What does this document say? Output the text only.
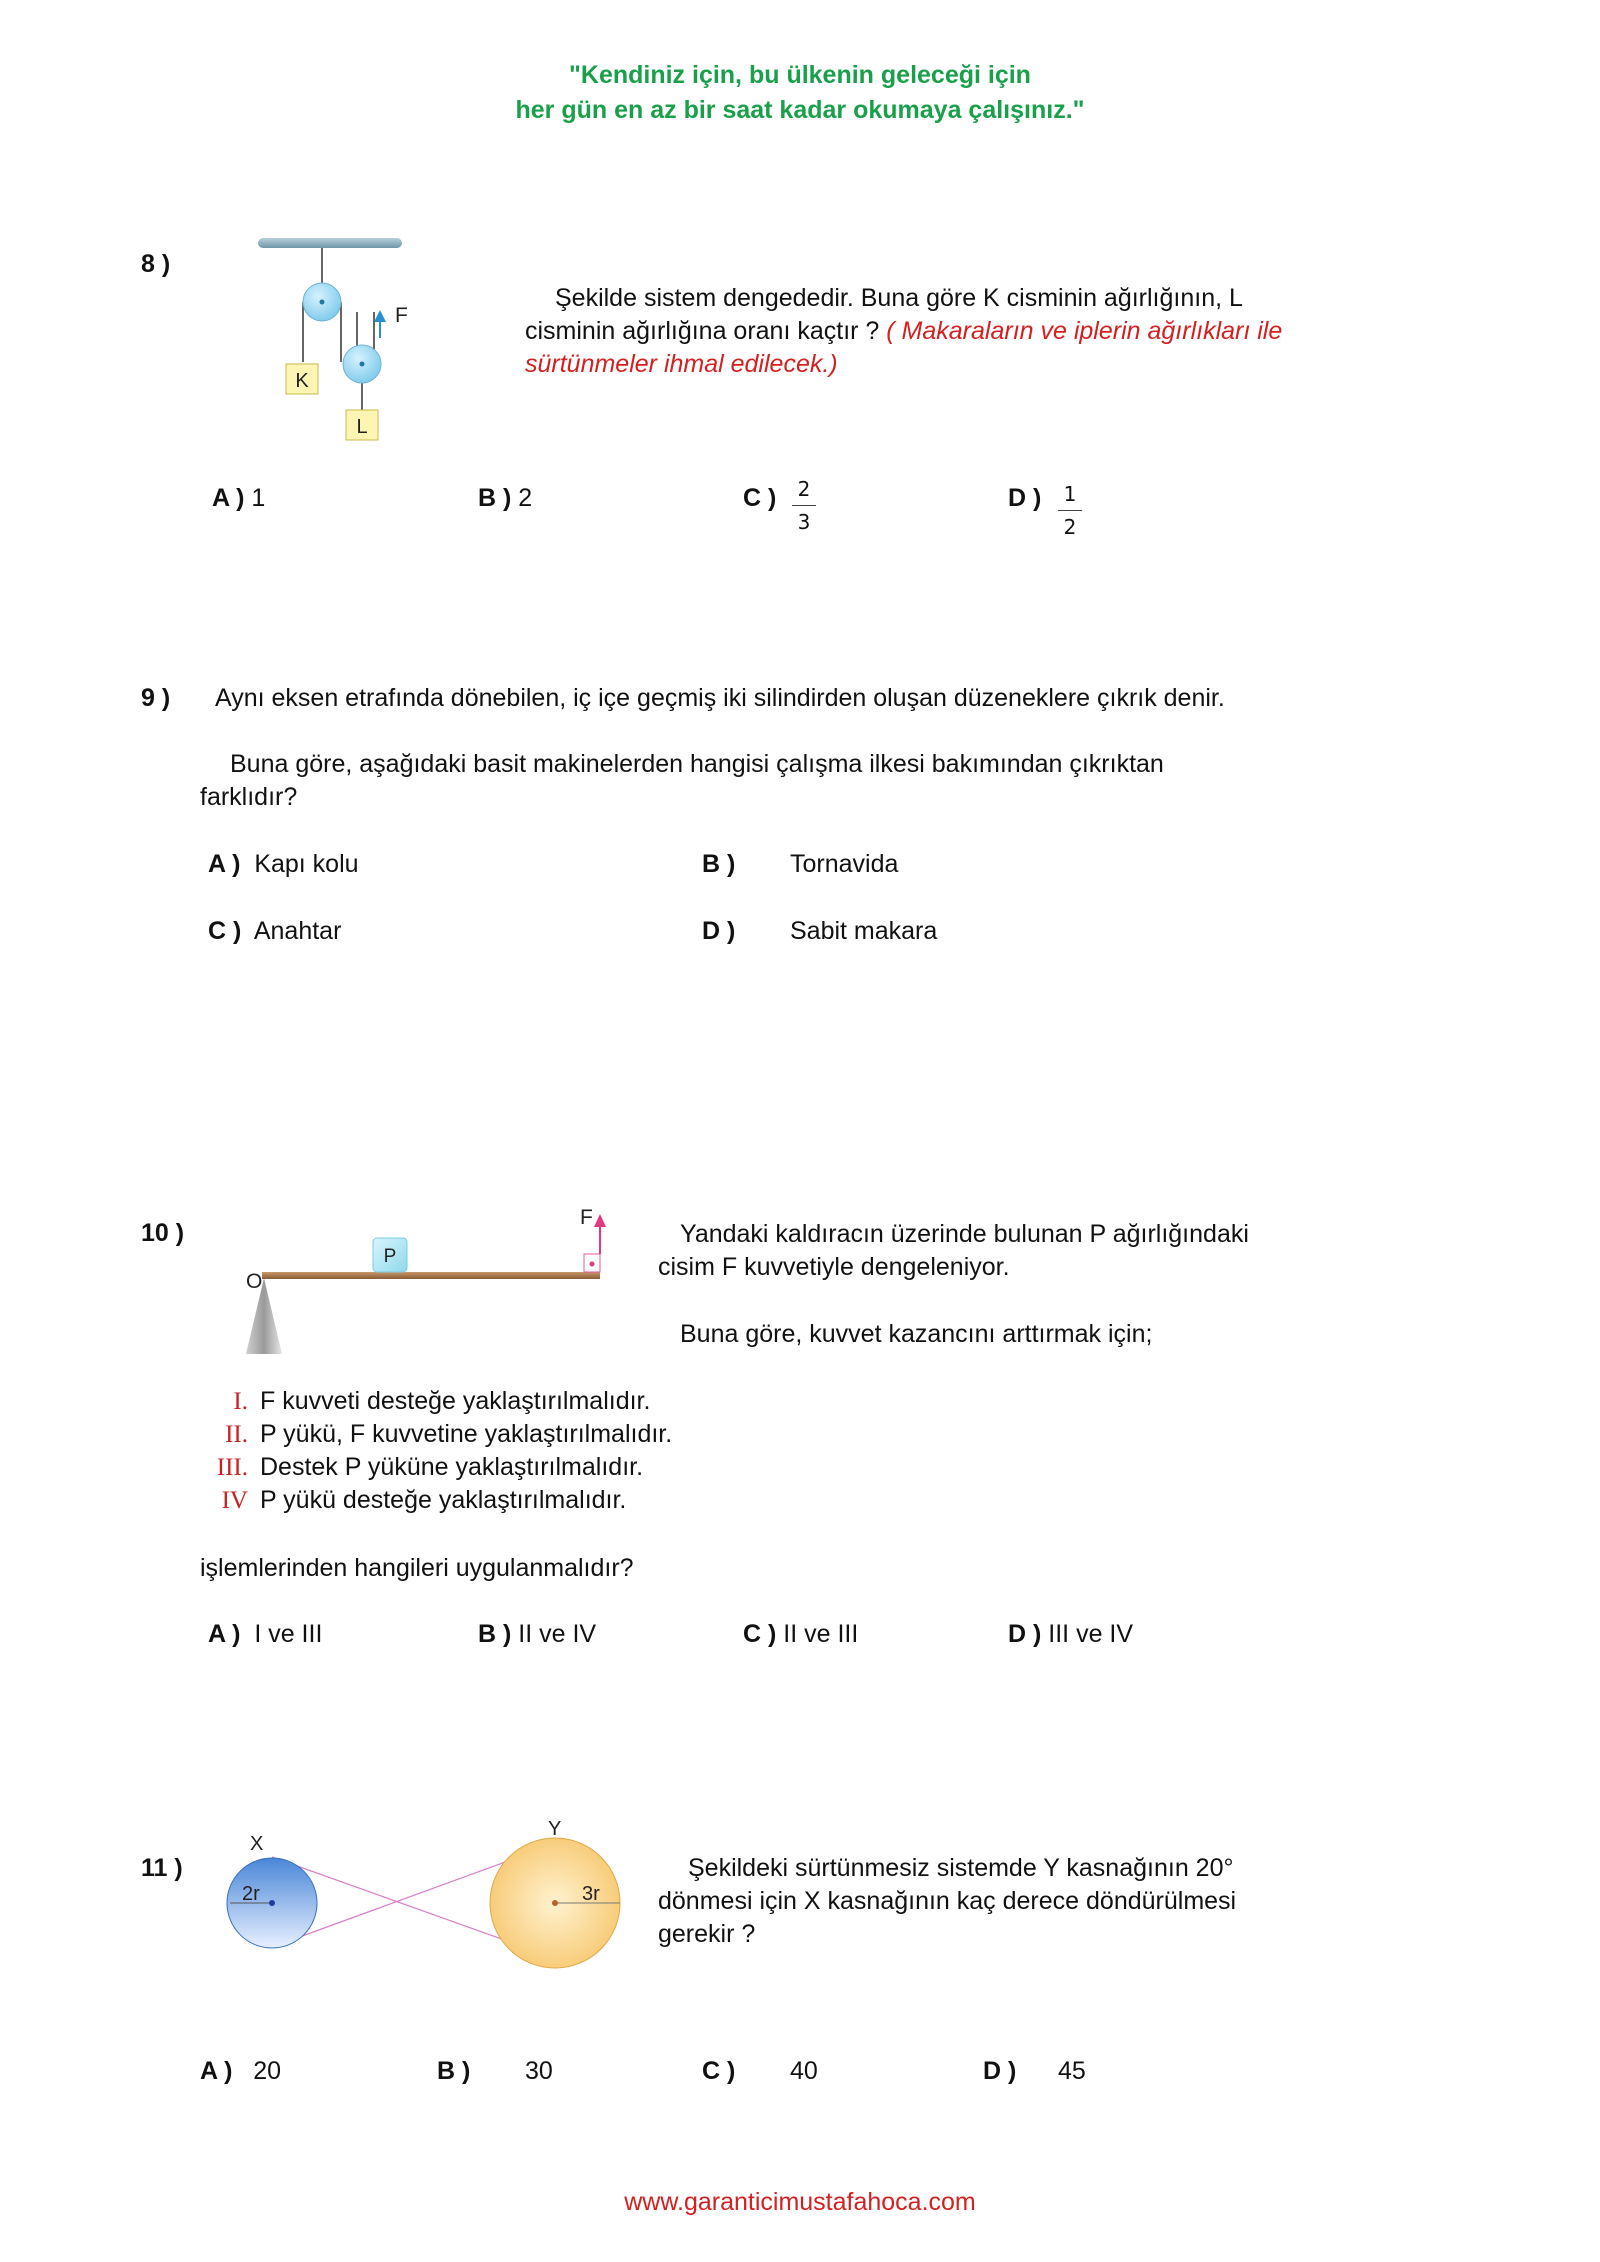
"Kendiniz için, bu ülkenin geleceği için
her gün en az bir saat kadar okumaya çalışınız."
8 )
F
K
L
Şekilde sistem dengededir. Buna göre K cisminin ağırlığının, L cisminin ağırlığına oranı kaçtır ? ( Makaraların ve iplerin ağırlıkları ile sürtünmeler ihmal edilecek.)
A ) 1	B ) 2	C ) 2
3
D ) 1
2
9 ) Aynı eksen etrafında dönebilen, iç içe geçmiş iki silindirden oluşan düzeneklere çıkrık denir.
Buna göre, aşağıdaki basit makinelerden hangisi çalışma ilkesi bakımından çıkrıktan
farklıdır?
A ) Kapı kolu	B ) Tornavida
C ) Anahtar	D ) Sabit makara
10 )
P
O
F
Yandaki kaldıracın üzerinde bulunan P ağırlığındaki
cisim F kuvvetiyle dengeleniyor.
Buna göre, kuvvet kazancını arttırmak için;
I. F kuvveti desteğe yaklaştırılmalıdır.
II. P yükü, F kuvvetine yaklaştırılmalıdır.
III. Destek P yüküne yaklaştırılmalıdır.
IV P yükü desteğe yaklaştırılmalıdır.
işlemlerinden hangileri uygulanmalıdır?
A ) I ve III	B ) II ve IV	C ) II ve III	D ) III ve IV
11 )
2r
X
3r
Y
Şekildeki sürtünmesiz sistemde Y kasnağının 20°
dönmesi için X kasnağının kaç derece döndürülmesi
gerekir ?
A ) 20	B ) 30	C ) 40	D ) 45
www.garanticimustafahoca.com
